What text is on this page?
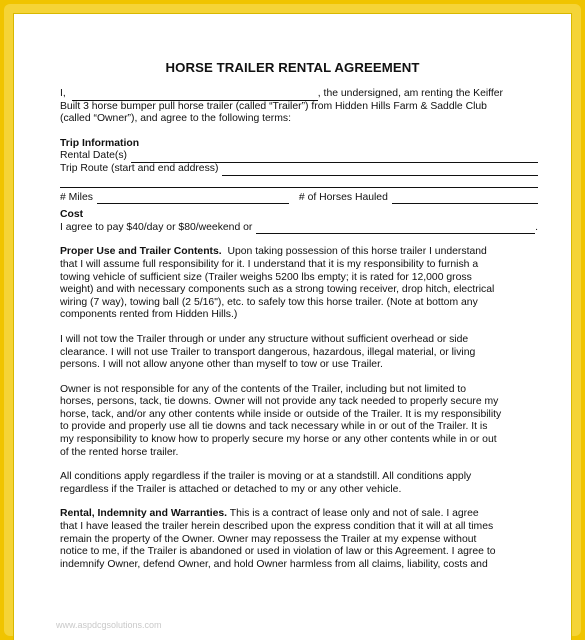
HORSE TRAILER RENTAL AGREEMENT
I,	, the undersigned, am renting the Keiffer

Built 3 horse bumper pull horse trailer (called “Trailer”) from Hidden Hills Farm & Saddle Club

(called “Owner”), and agree to the following terms:

Trip Information

Rental Date(s)
Trip Route (start and end address)
# Miles	# of Horses Hauled

Cost

I agree to pay $40/day or $80/weekend or	.

Proper Use and Trailer Contents. Upon taking possession of this horse trailer I understand

that I will assume full responsibility for it. I understand that it is my responsibility to furnish a

towing vehicle of sufficient size (Trailer weighs 5200 lbs empty; it is rated for 12,000 gross

weight) and with necessary components such as a strong towing receiver, drop hitch, electrical

wiring (7 way), towing ball (2 5/16"), etc. to safely tow this horse trailer. (Note at bottom any

components rented from Hidden Hills.)

I will not tow the Trailer through or under any structure without sufficient overhead or side

clearance. I will not use Trailer to transport dangerous, hazardous, illegal material, or living

persons. I will not allow anyone other than myself to tow or use Trailer.

Owner is not responsible for any of the contents of the Trailer, including but not limited to

horses, persons, tack, tie downs. Owner will not provide any tack needed to properly secure my

horse, tack, and/or any other contents while inside or outside of the Trailer. It is my responsibility

to provide and properly use all tie downs and tack necessary while in or out of the Trailer. It is

my responsibility to know how to properly secure my horse or any other contents while in or out

of the rented horse trailer.

All conditions apply regardless if the trailer is moving or at a standstill. All conditions apply

regardless if the Trailer is attached or detached to my or any other vehicle.

Rental, Indemnity and Warranties. This is a contract of lease only and not of sale. I agree

that I have leased the trailer herein described upon the express condition that it will at all times

remain the property of the Owner. Owner may repossess the Trailer at my expense without

notice to me, if the Trailer is abandoned or used in violation of law or this Agreement. I agree to

indemnify Owner, defend Owner, and hold Owner harmless from all claims, liability, costs and

www.aspdcgsolutions.com
